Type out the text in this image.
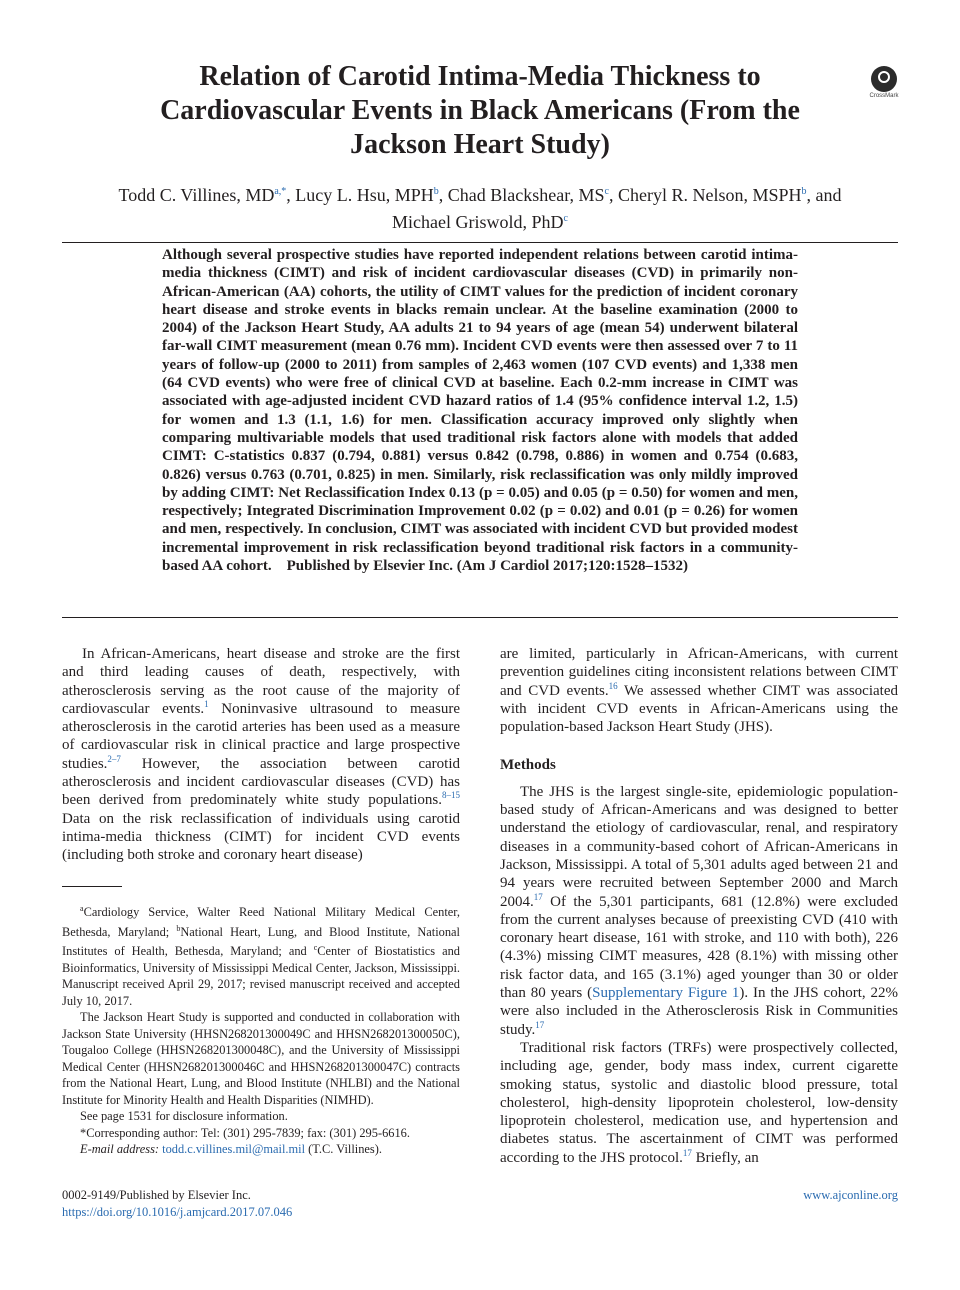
Relation of Carotid Intima-Media Thickness to Cardiovascular Events in Black Americans (From the Jackson Heart Study)
CrossMark
Todd C. Villines, $MD^{a,*}$, Lucy L. Hsu, MPH$^b$, Chad Blackshear, $MS^c$, Cheryl R. Nelson, MSPH$^b$, and
Michael Griswold, PhD$^c$
Although several prospective studies have reported independent relations between carotid intima-media thickness (CIMT) and risk of incident cardiovascular diseases (CVD) in primarily non-African-American (AA) cohorts, the utility of CIMT values for the prediction of incident coronary heart disease and stroke events in blacks remain unclear. At the baseline examination (2000 to 2004) of the Jackson Heart Study, AA adults 21 to 94 years of age (mean 54) underwent bilateral far-wall CIMT measurement (mean 0.76 mm). Incident CVD events were then assessed over 7 to 11 years of follow-up (2000 to 2011) from samples of 2,463 women (107 CVD events) and 1,338 men (64 CVD events) who were free of clinical CVD at baseline. Each 0.2-mm increase in CIMT was associated with age-adjusted incident CVD hazard ratios of 1.4 (95% confidence interval 1.2, 1.5) for women and 1.3 (1.1, 1.6) for men. Classification accuracy improved only slightly when comparing multivariable models that used traditional risk factors alone with models that added CIMT: C-statistics 0.837 (0.794, 0.881) versus 0.842 (0.798, 0.886) in women and 0.754 (0.683, 0.826) versus 0.763 (0.701, 0.825) in men. Similarly, risk reclassification was only mildly improved by adding CIMT: Net Reclassification Index 0.13 (p = 0.05) and 0.05 (p = 0.50) for women and men, respectively; Integrated Discrimination Improvement 0.02 (p = 0.02) and 0.01 (p = 0.26) for women and men, respectively. In conclusion, CIMT was associated with incident CVD but provided modest incremental improvement in risk reclassification beyond traditional risk factors in a community-based AA cohort. Published by Elsevier Inc. (Am J Cardiol 2017;120:1528–1532)

In African-Americans, heart disease and stroke are the first and third leading causes of death, respectively, with atherosclerosis serving as the root cause of the majority of cardiovascular events.$^1$ Noninvasive ultrasound to measure atherosclerosis in the carotid arteries has been used as a measure of cardiovascular risk in clinical practice and large prospective studies.$^{2-7}$ However, the association between carotid atherosclerosis and incident cardiovascular diseases (CVD) has been derived from predominately white study populations.$^{8-15}$ Data on the risk reclassification of individuals using carotid intima-media thickness (CIMT) for incident CVD events (including both stroke and coronary heart disease)

$^a$Cardiology Service, Walter Reed National Military Medical Center, Bethesda, Maryland; $^b$National Heart, Lung, and Blood Institute, National Institutes of Health, Bethesda, Maryland; and $^c$Center of Biostatistics and Bioinformatics, University of Mississippi Medical Center, Jackson, Mississippi. Manuscript received April 29, 2017; revised manuscript received and accepted July 10, 2017.

The Jackson Heart Study is supported and conducted in collaboration with Jackson State University (HHSN268201300049C and HHSN268201300050C), Tougaloo College (HHSN268201300048C), and the University of Mississippi Medical Center (HHSN268201300046C and HHSN268201300047C) contracts from the National Heart, Lung, and Blood Institute (NHLBI) and the National Institute for Minority Health and Health Disparities (NIMHD).

See page 1531 for disclosure information.

*Corresponding author: Tel: (301) 295-7839; fax: (301) 295-6616.

E-mail address: todd.c.villines.mil@mail.mil (T.C. Villines).

are limited, particularly in African-Americans, with current prevention guidelines citing inconsistent relations between CIMT and CVD events.$^{16}$ We assessed whether CIMT was associated with incident CVD events in African-Americans using the population-based Jackson Heart Study (JHS).

Methods

The JHS is the largest single-site, epidemiologic population-based study of African-Americans and was designed to better understand the etiology of cardiovascular, renal, and respiratory diseases in a community-based cohort of African-Americans in Jackson, Mississippi. A total of 5,301 adults aged between 21 and 94 years were recruited between September 2000 and March 2004.17 Of the 5,301 participants, 681 (12.8%) were excluded from the current analyses because of preexisting CVD (410 with coronary heart disease, 161 with stroke, and 110 with both), 226 (4.3%) missing CIMT measures, 428 (8.1%) with missing other risk factor data, and 165 (3.1%) aged younger than 30 or older than 80 years (Supplementary Figure 1). In the JHS cohort, 22% were also included in the Atherosclerosis Risk in Communities study.$^{17}$

Traditional risk factors (TRFs) were prospectively collected, including age, gender, body mass index, current cigarette smoking status, systolic and diastolic blood pressure, total cholesterol, high-density lipoprotein cholesterol, low-density lipoprotein cholesterol, medication use, and hypertension and diabetes status. The ascertainment of CIMT was performed according to the JHS protocol.$^{17}$ Briefly, an

0002-9149/Published by Elsevier Inc.
https://doi.org/10.1016/j.amjcard.2017.07.046
www.ajconline.org
